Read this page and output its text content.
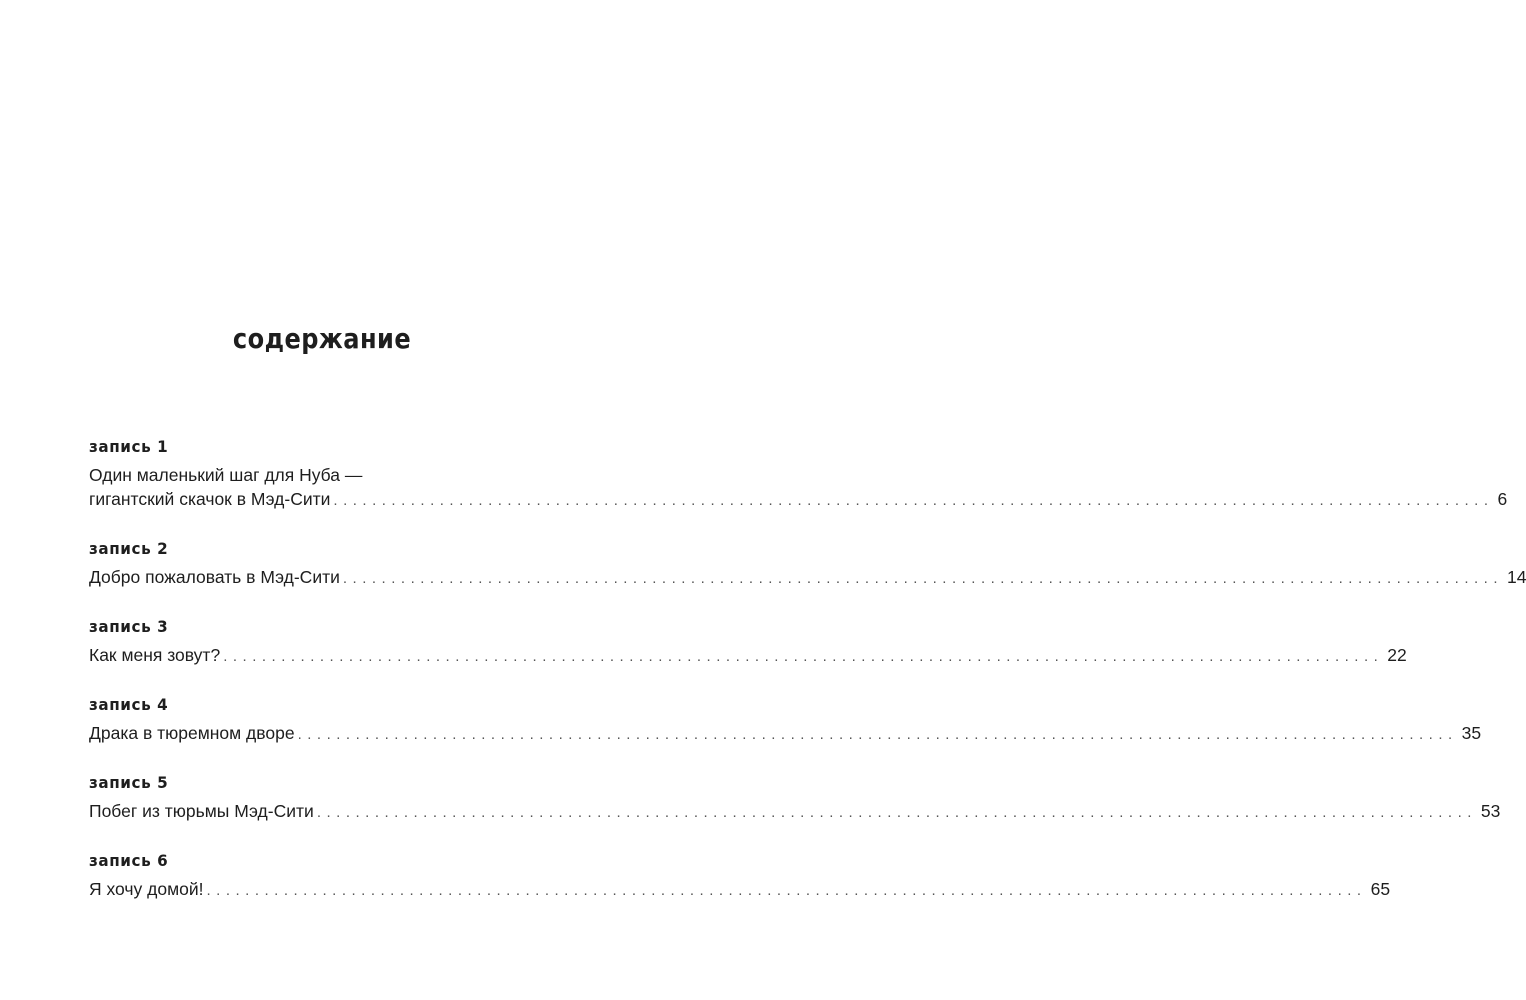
содержание
запись 1
Один маленький шаг для Нуба —
гигантский скачок в Мэд-Сити ........................................................................................................................ 6
запись 2
Добро пожаловать в Мэд-Сити ........................................................................................................................ 14
запись 3
Как меня зовут? ........................................................................................................................ 22
запись 4
Драка в тюремном дворе ........................................................................................................................ 35
запись 5
Побег из тюрьмы Мэд-Сити ........................................................................................................................ 53
запись 6
Я хочу домой! ........................................................................................................................ 65
